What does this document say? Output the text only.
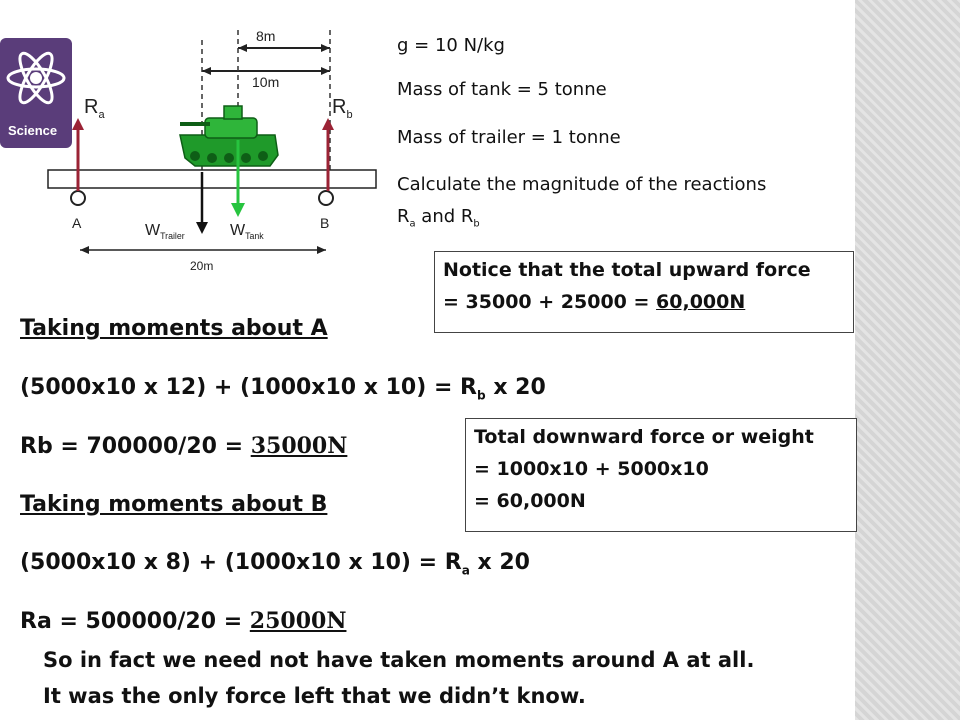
Science
8m
10m
20m
$R_a$	$R_b$
A	B
$W_{Trailer}$	$W_{Tank}$
g = 10 N/kg
Mass of tank = 5 tonne
Mass of trailer = 1 tonne
Calculate the magnitude of the reactions
$R_a$ and $R_b$
Notice that the total upward force
= 35000 + 25000 = 60,000N
Total downward force or weight
= 1000x10 + 5000x10
= 60,000N
Taking moments about A
(5000x10 x 12) + (1000x10 x $10) = R_b$ x 20
Rb = 700000/20 = 35000N
Taking moments about B
(5000x10 x 8) + (1000x10 x $10) = R_a$ x 20
Ra = 500000/20 = 25000N
So in fact we need not have taken moments around A at all.
It was the only force left that we didn’t know.
